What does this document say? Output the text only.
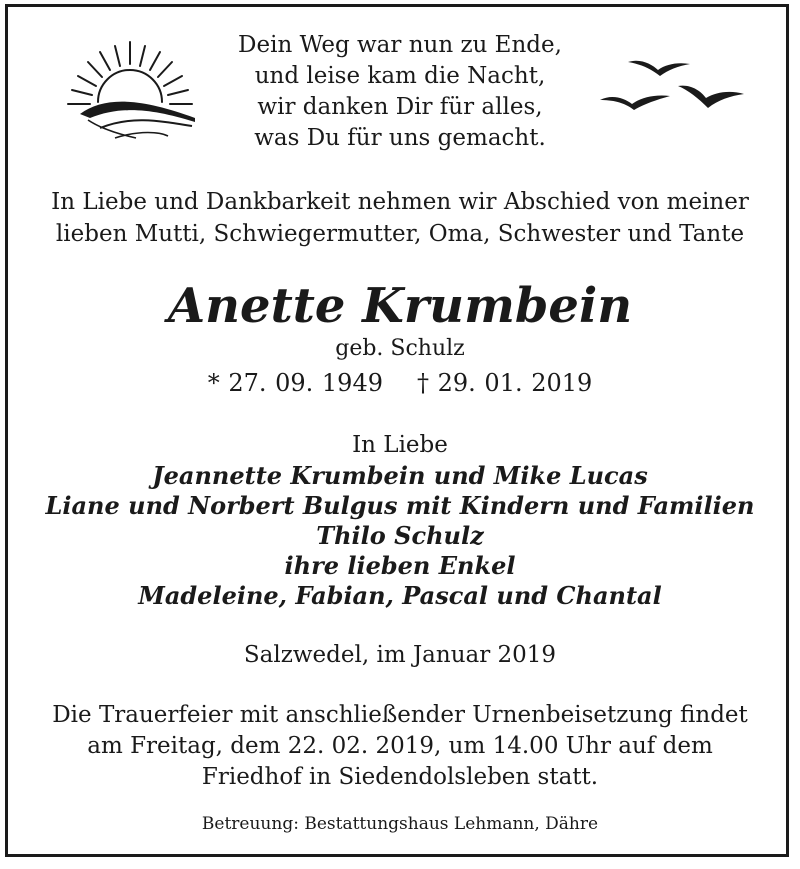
Dein Weg war nun zu Ende,
und leise kam die Nacht,
wir danken Dir für alles,
was Du für uns gemacht.
In Liebe und Dankbarkeit nehmen wir Abschied von meiner
lieben Mutti, Schwiegermutter, Oma, Schwester und Tante
Anette Krumbein
geb. Schulz
* 27. 09. 1949 † 29. 01. 2019
In Liebe
Jeannette Krumbein und Mike Lucas
Liane und Norbert Bulgus mit Kindern und Familien
Thilo Schulz
ihre lieben Enkel
Madeleine, Fabian, Pascal und Chantal
Salzwedel, im Januar 2019
Die Trauerfeier mit anschließender Urnenbeisetzung findet
am Freitag, dem 22. 02. 2019, um 14.00 Uhr auf dem
Friedhof in Siedendolsleben statt.
Betreuung: Bestattungshaus Lehmann, Dähre
